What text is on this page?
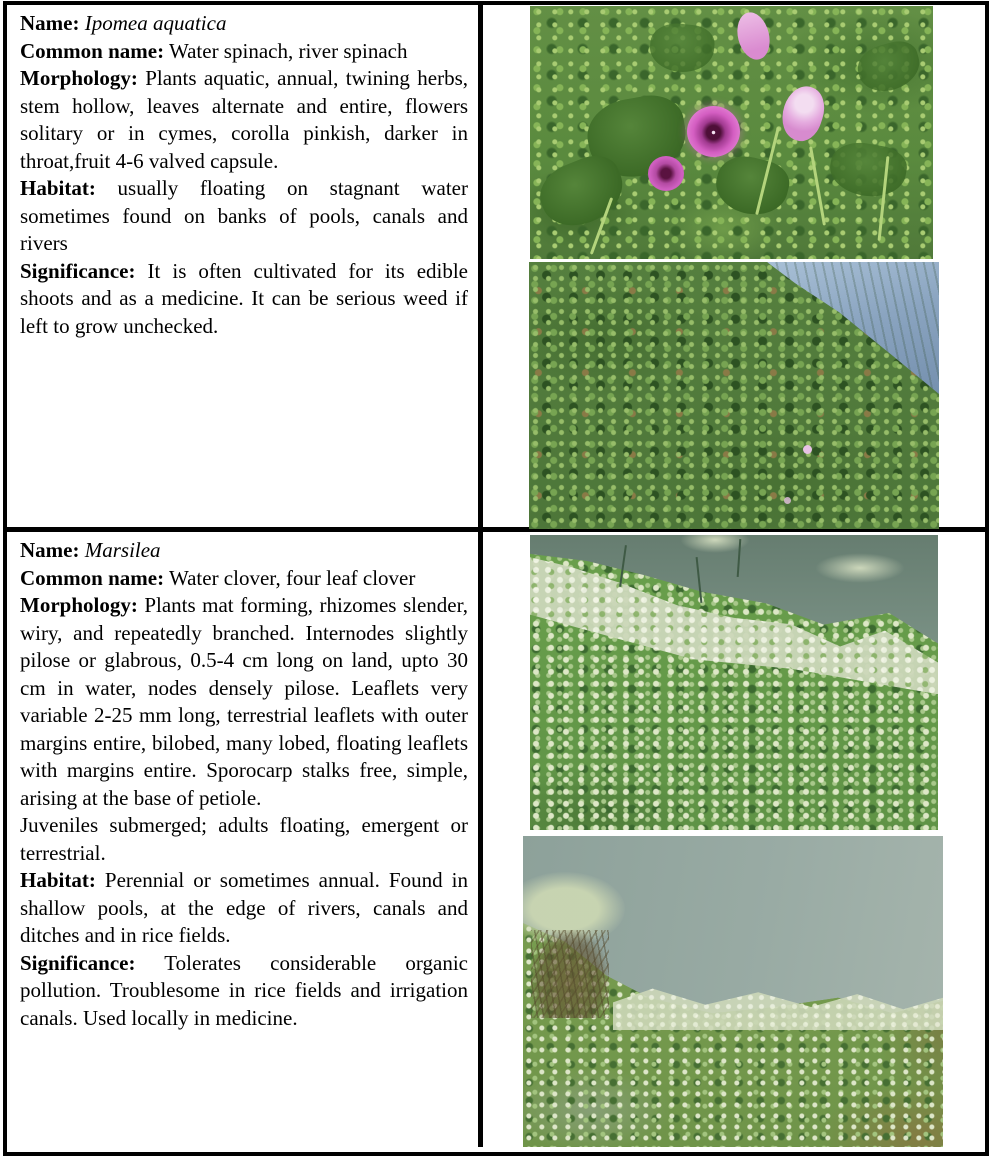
Name: Ipomea aquatica

Common name: Water spinach, river spinach

Morphology: Plants aquatic, annual, twining herbs, stem hollow, leaves alternate and entire, flowers solitary or in cymes, corolla pinkish, darker in throat,fruit 4-6 valved capsule.

Habitat: usually floating on stagnant water sometimes found on banks of pools, canals and rivers

Significance: It is often cultivated for its edible shoots and as a medicine. It can be serious weed if left to grow unchecked.

Name: Marsilea

Common name: Water clover, four leaf clover

Morphology: Plants mat forming, rhizomes slender, wiry, and repeatedly branched. Internodes slightly pilose or glabrous, 0.5-4 cm long on land, upto 30 cm in water, nodes densely pilose. Leaflets very variable 2-25 mm long, terrestrial leaflets with outer margins entire, bilobed, many lobed, floating leaflets with margins entire. Sporocarp stalks free, simple, arising at the base of petiole.

Juveniles submerged; adults floating, emergent or terrestrial.

Habitat: Perennial or sometimes annual. Found in shallow pools, at the edge of rivers, canals and ditches and in rice fields.

Significance: Tolerates considerable organic pollution. Troublesome in rice fields and irrigation canals. Used locally in medicine.
